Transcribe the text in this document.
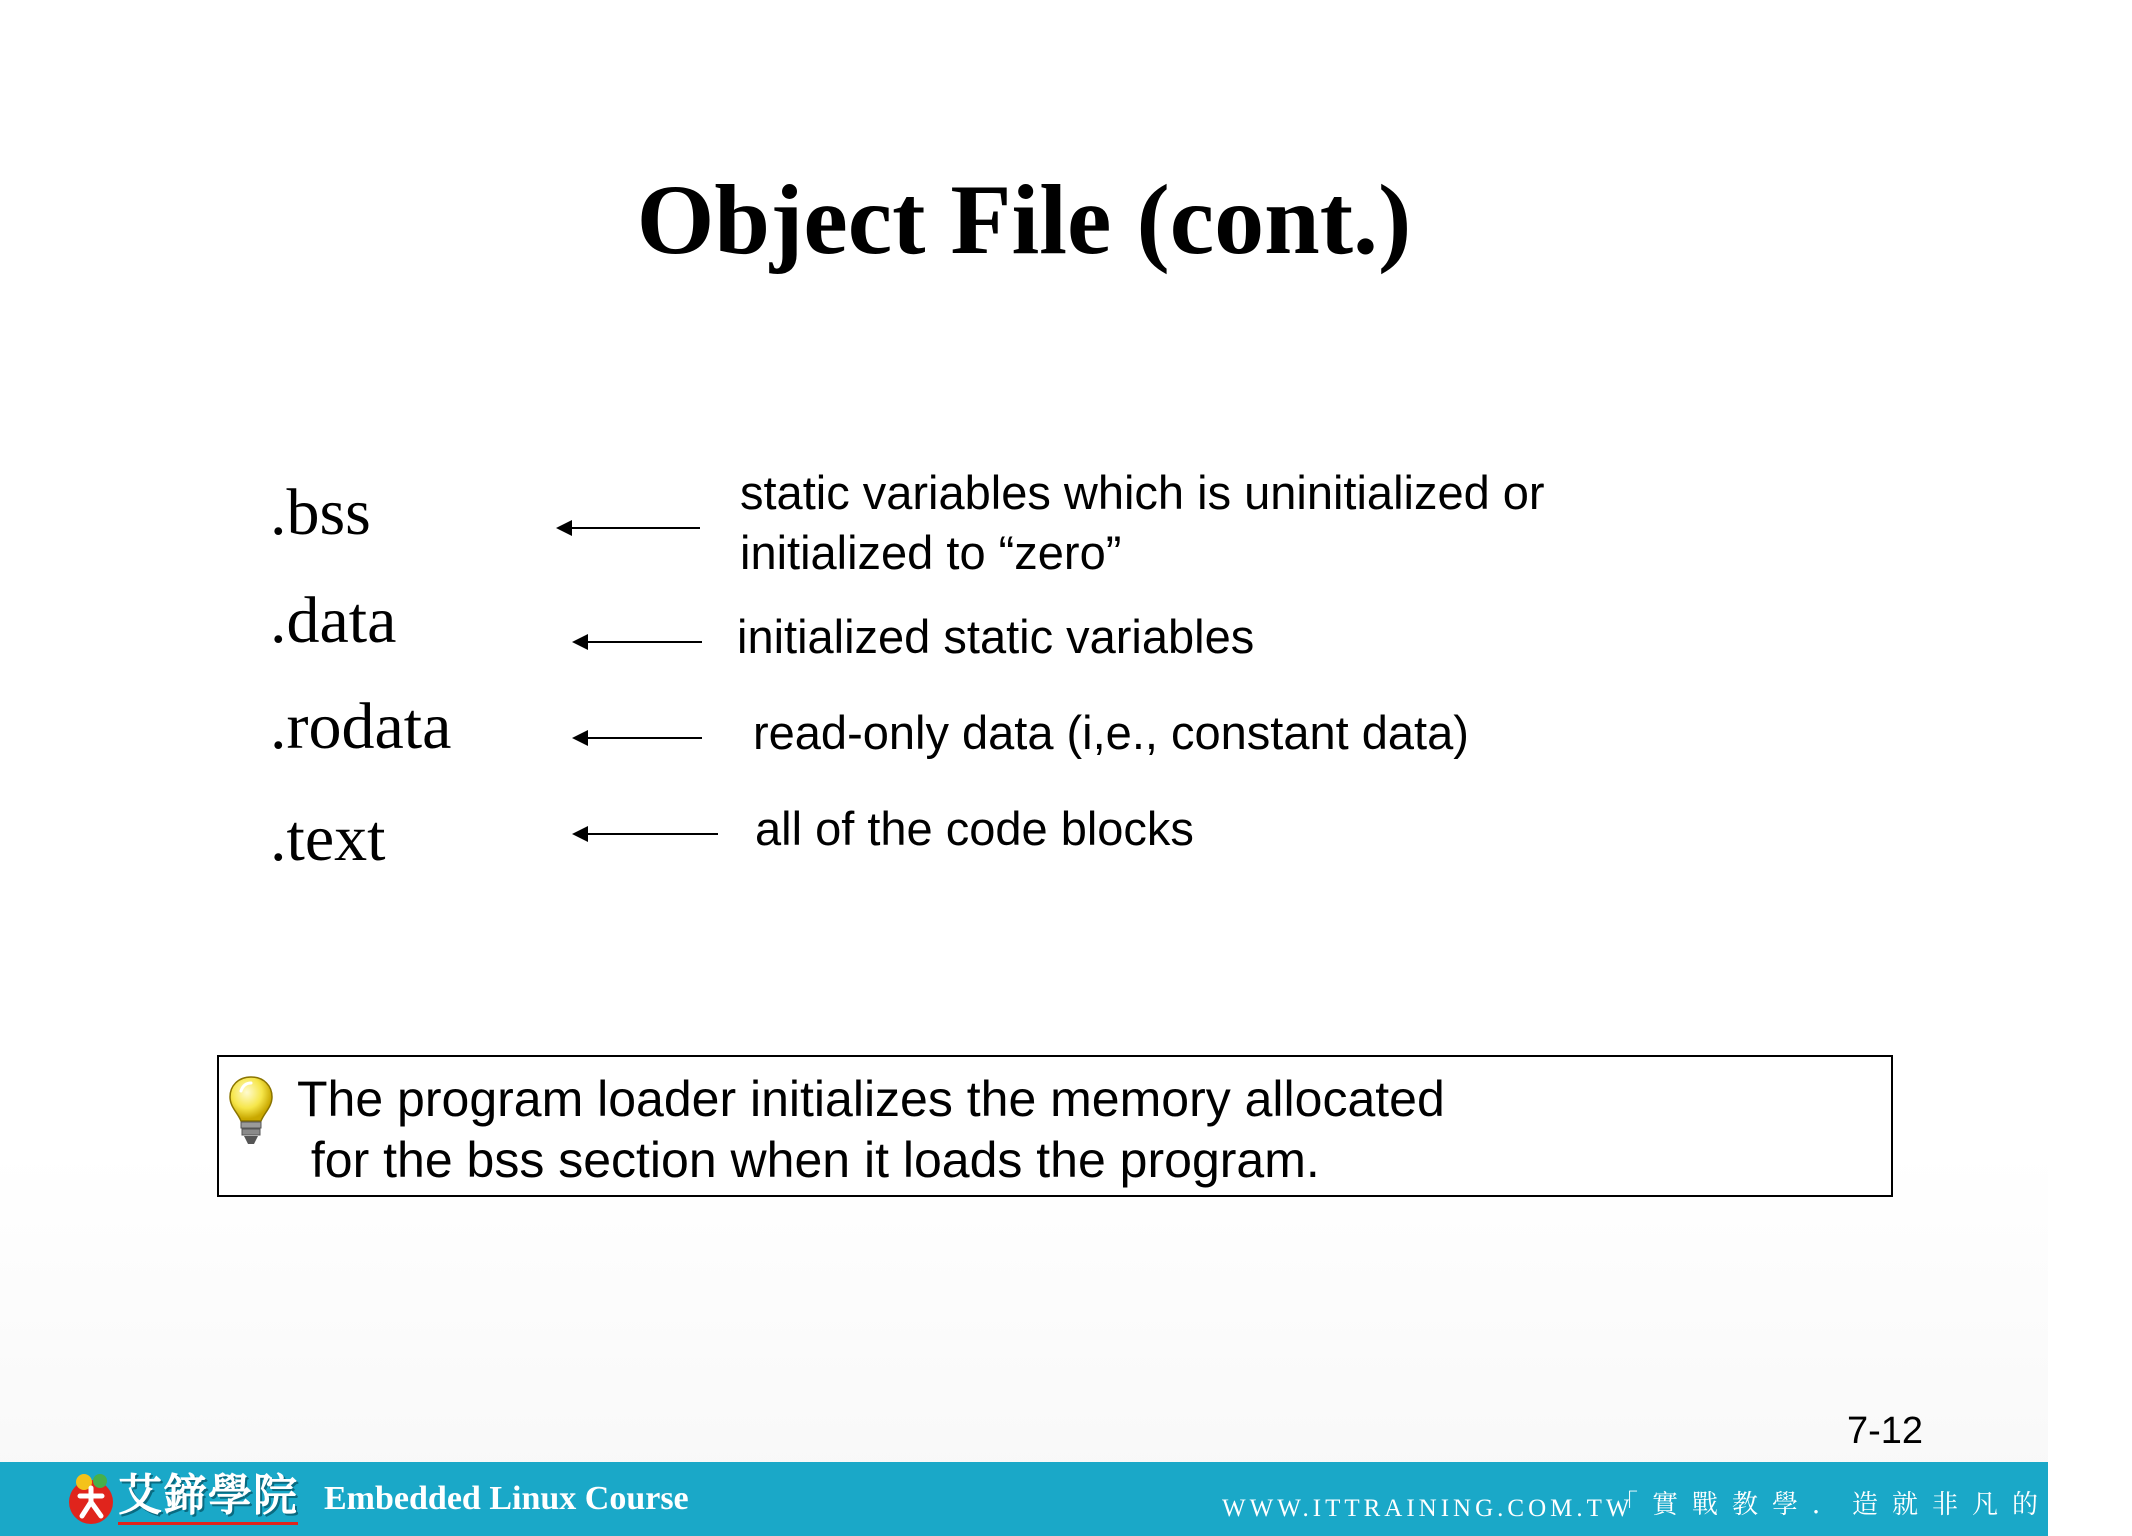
Object File (cont.)
.bss	static variables which is uninitialized or
initialized to “zero”
.data	initialized static variables
.rodata	read-only data (i,e., constant data)
.text	all of the code blocks
The program loader initializes the memory allocated
for the bss section when it loads the program.
7-12
艾鍗學院 Embedded Linux Course	WWW.ITTRAINING.COM.TW
「實戰教學．造就非凡的你」
